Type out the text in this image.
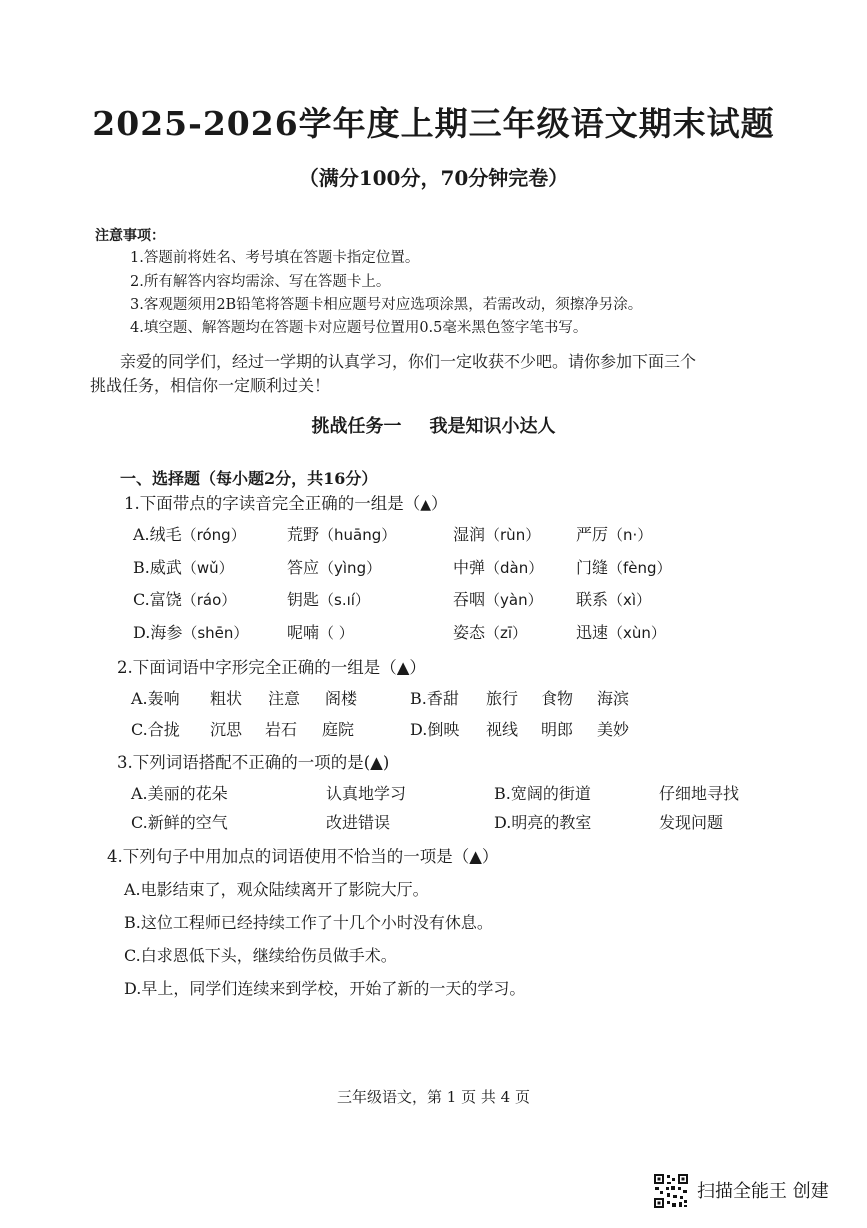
2025-2026学年度上期三年级语文期末试题
（满分100分，70分钟完卷）
注意事项：
1.答题前将姓名、考号填在答题卡指定位置。
2.所有解答内容均需涂、写在答题卡上。
3.客观题须用2B铅笔将答题卡相应题号对应选项涂黑，若需改动，须擦净另涂。
4.填空题、解答题均在答题卡对应题号位置用0.5毫米黑色签字笔书写。
亲爱的同学们，经过一学期的认真学习，你们一定收获不少吧。请你参加下面三个
挑战任务，相信你一定顺利过关！
挑战任务一 我是知识小达人
一、选择题（每小题2分，共16分）
1.下面带点的字读音完全正确的一组是（▲）
A.绒毛（róng）	荒野（huāng）	湿润（rùn） 严厉（n·）
B.威武（wǔ）	答应（yìng）	中弹（dàn） 门缝（fèng）
C.富饶（ráo）	钥匙（s.ıí）	吞咽（yàn） 联系（xì）
D.海参（shēn） 呢喃（ ）	姿态（zī）	迅速（xùn）
2.下面词语中字形完全正确的一组是（▲）
A.轰响 粗状 注意 阁楼	B.香甜 旅行 食物 海滨
C.合拢 沉思 岩石 庭院	D.倒映 视线 明郎 美妙
3.下列词语搭配不正确的一项的是(▲)
A.美丽的花朵	认真地学习	B.宽阔的街道	仔细地寻找
C.新鲜的空气	改进错误	D.明亮的教室	发现问题
4.下列句子中用加点的词语使用不恰当的一项是（▲）
A.电影结束了，观众陆续离开了影院大厅。
B.这位工程师已经持续工作了十几个小时没有休息。
C.白求恩低下头，继续给伤员做手术。
D.早上，同学们连续来到学校，开始了新的一天的学习。
三年级语文，第 1 页 共 4 页
扫描全能王 创建
